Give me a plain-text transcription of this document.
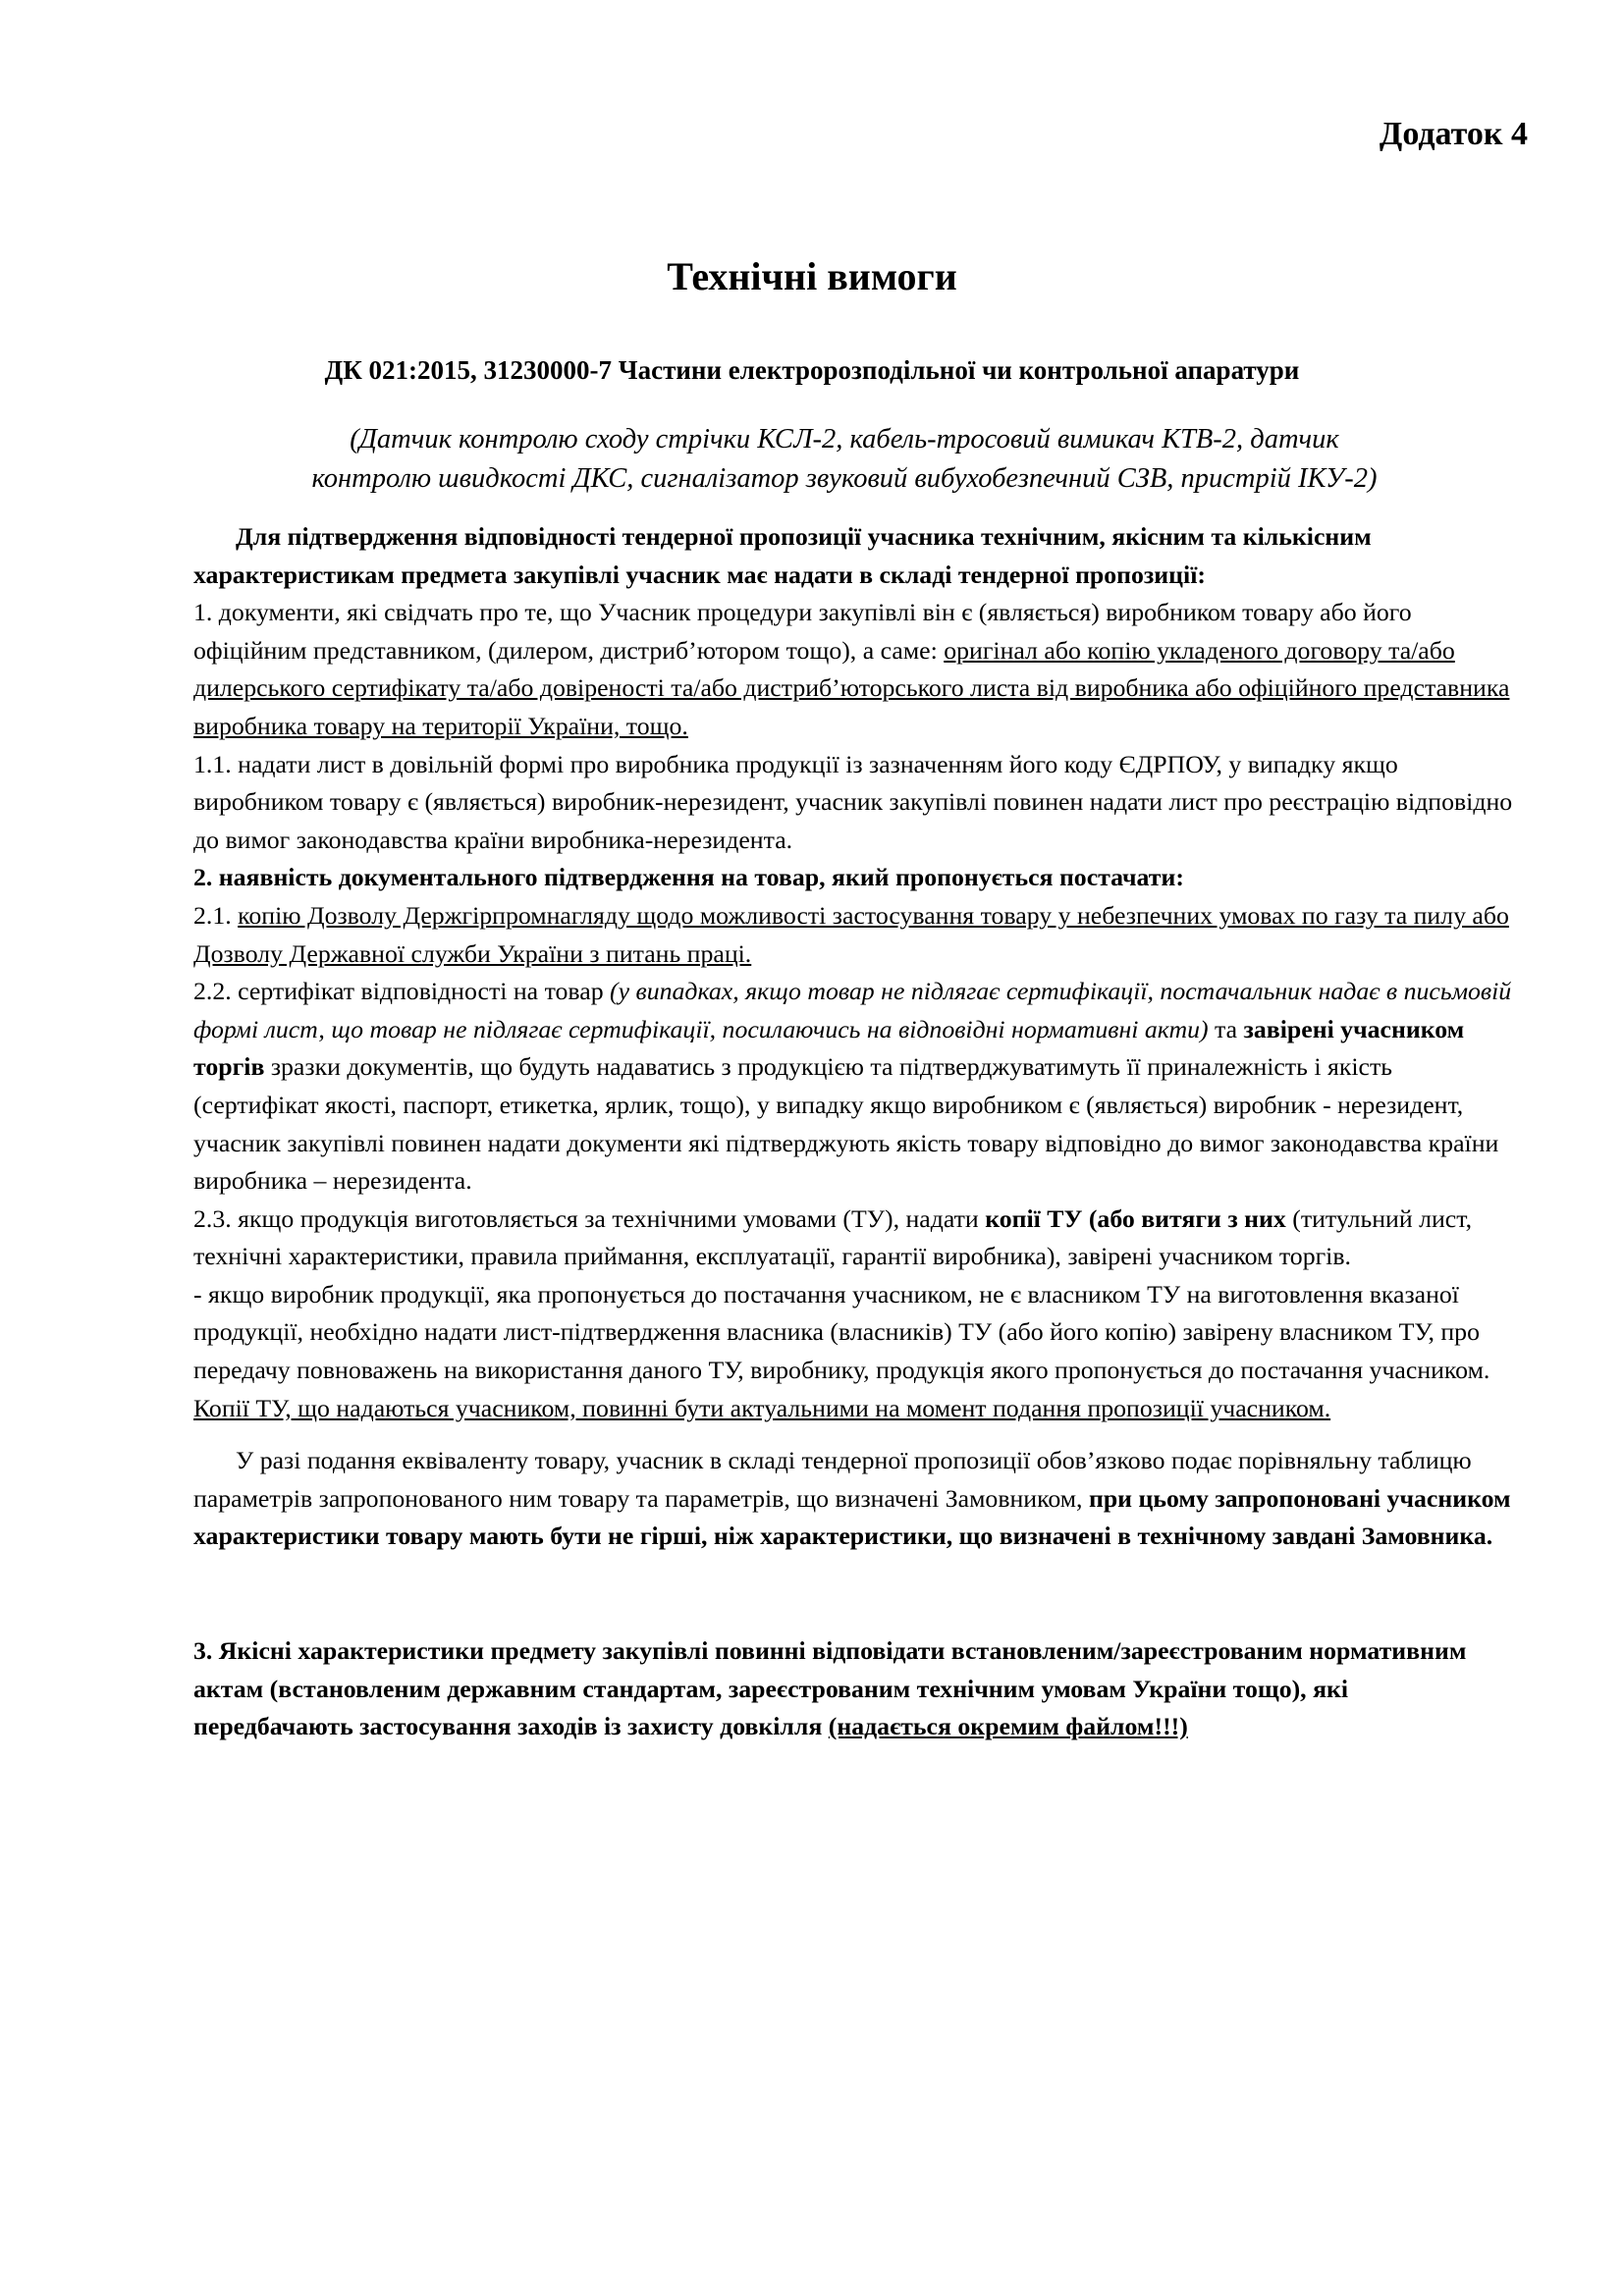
Додаток 4
Технічні вимоги
ДК 021:2015, 31230000-7 Частини електророзподільної чи контрольної апаратури
(Датчик контролю сходу стрічки КСЛ-2, кабель-тросовий вимикач КТВ-2, датчик
контролю швидкості ДКС, сигналізатор звуковий вибухобезпечний СЗВ, пристрій ІКУ-2)

Для підтвердження відповідності тендерної пропозиції учасника технічним, якісним та кількісним характеристикам предмета закупівлі учасник має надати в складі тендерної пропозиції:

1. документи, які свідчать про те, що Учасник процедури закупівлі він є (являється) виробником товару або його офіційним представником, (дилером, дистриб’ютором тощо), а саме: оригінал або копію укладеного договору та/або дилерського сертифікату та/або довіреності та/або дистриб’юторського листа від виробника або офіційного представника виробника товару на території України, тощо.

1.1. надати лист в довільній формі про виробника продукції із зазначенням його коду ЄДРПОУ, у випадку якщо виробником товару є (являється) виробник-нерезидент, учасник закупівлі повинен надати лист про реєстрацію відповідно до вимог законодавства країни виробника-нерезидента.

2. наявність документального підтвердження на товар, який пропонується постачати:

2.1. копію Дозволу Держгірпромнагляду щодо можливості застосування товару у небезпечних умовах по газу та пилу або Дозволу Державної служби України з питань праці.

2.2. сертифікат відповідності на товар (у випадках, якщо товар не підлягає сертифікації, постачальник надає в письмовій формі лист, що товар не підлягає сертифікації, посилаючись на відповідні нормативні акти) та завірені учасником торгів зразки документів, що будуть надаватись з продукцією та підтверджуватимуть її приналежність і якість (сертифікат якості, паспорт, етикетка, ярлик, тощо), у випадку якщо виробником є (являється) виробник - нерезидент, учасник закупівлі повинен надати документи які підтверджують якість товару відповідно до вимог законодавства країни виробника – нерезидента.

2.3. якщо продукція виготовляється за технічними умовами (ТУ), надати копії ТУ (або витяги з них (титульний лист, технічні характеристики, правила приймання, експлуатації, гарантії виробника), завірені учасником торгів.

- якщо виробник продукції, яка пропонується до постачання учасником, не є власником ТУ на виготовлення вказаної продукції, необхідно надати лист-підтвердження власника (власників) ТУ (або його копію) завірену власником ТУ, про передачу повноважень на використання даного ТУ, виробнику, продукція якого пропонується до постачання учасником.

Копії ТУ, що надаються учасником, повинні бути актуальними на момент подання пропозиції учасником.

У разі подання еквіваленту товару, учасник в складі тендерної пропозиції обов’язково подає порівняльну таблицю параметрів запропонованого ним товару та параметрів, що визначені Замовником, при цьому запропоновані учасником характеристики товару мають бути не гірші, ніж характеристики, що визначені в технічному завдані Замовника.

3. Якісні характеристики предмету закупівлі повинні відповідати встановленим/зареєстрованим нормативним актам (встановленим державним стандартам, зареєстрованим технічним умовам України тощо), які передбачають застосування заходів із захисту довкілля (надається окремим файлом!!!)
